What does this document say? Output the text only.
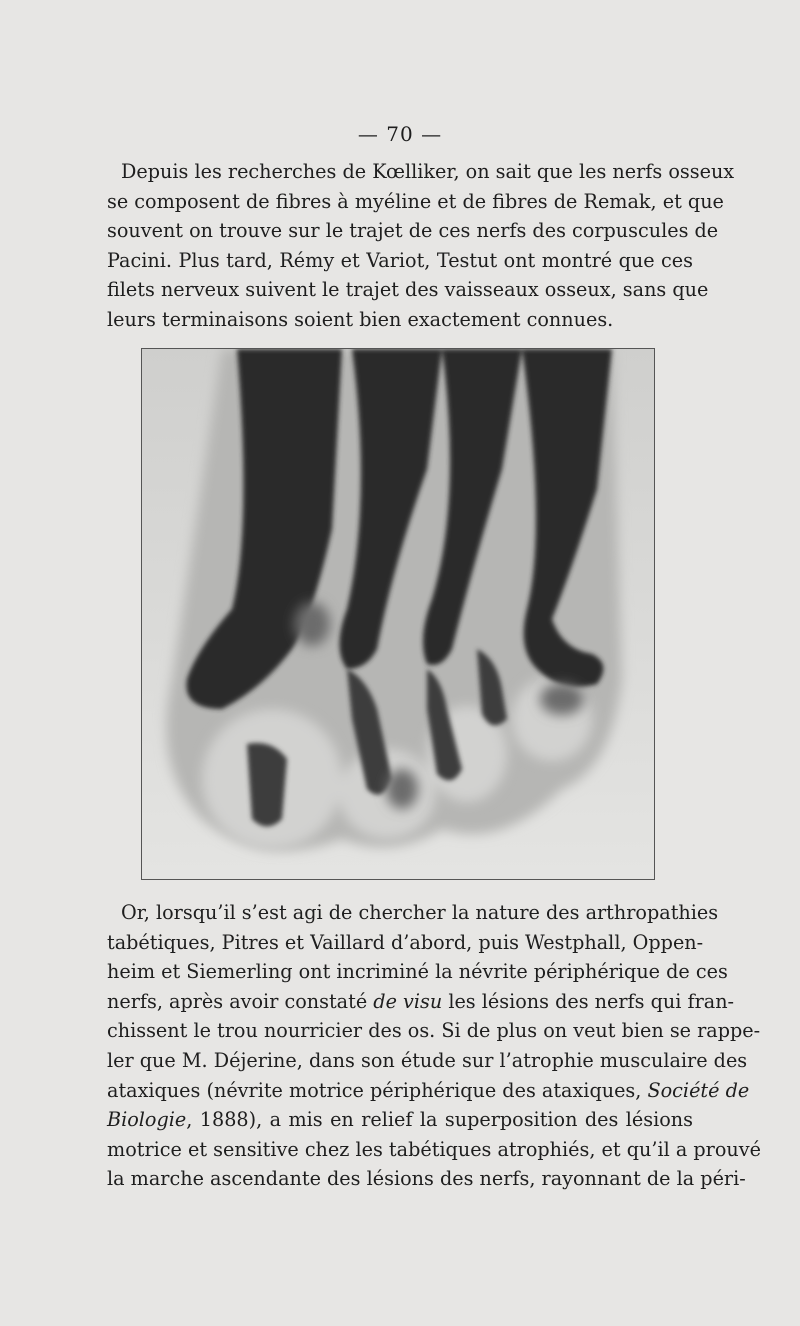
— 70 —

Depuis les recherches de Kœlliker, on sait que les nerfs osseux
se composent de fibres à myéline et de fibres de Remak, et que
souvent on trouve sur le trajet de ces nerfs des corpuscules de
Pacini. Plus tard, Rémy et Variot, Testut ont montré que ces
filets nerveux suivent le trajet des vaisseaux osseux, sans que
leurs terminaisons soient bien exactement connues.

Or, lorsqu’il s’est agi de chercher la nature des arthropathies
tabétiques, Pitres et Vaillard d’abord, puis Westphall, Oppen-
heim et Siemerling ont incriminé la névrite périphérique de ces
nerfs, après avoir constaté de visu les lésions des nerfs qui fran-
chissent le trou nourricier des os. Si de plus on veut bien se rappe-
ler que M. Déjerine, dans son étude sur l’atrophie musculaire des
ataxiques (névrite motrice périphérique des ataxiques, Société de
Biologie, 1888), a mis en relief la superposition des lésions
motrice et sensitive chez les tabétiques atrophiés, et qu’il a prouvé
la marche ascendante des lésions des nerfs, rayonnant de la péri-
